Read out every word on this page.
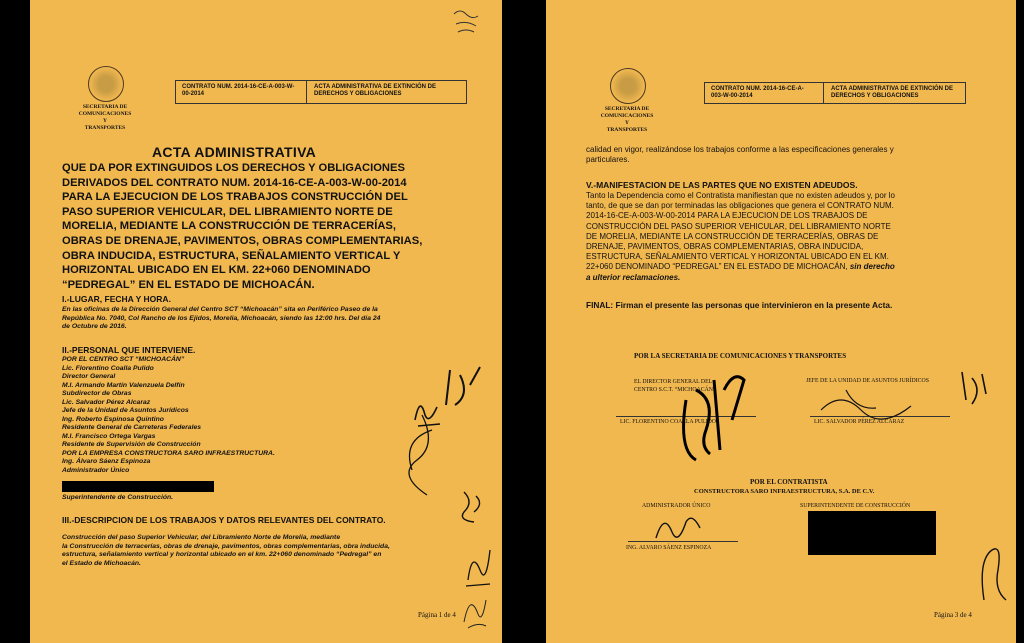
SECRETARIA DE COMUNICACIONES
Y
TRANSPORTES
CONTRATO NUM. 2014-16-CE-A-003-W-00-2014
ACTA ADMINISTRATIVA DE EXTINCIÓN DE DERECHOS Y OBLIGACIONES
ACTA ADMINISTRATIVA
QUE DA POR EXTINGUIDOS LOS DERECHOS Y OBLIGACIONES
DERIVADOS DEL CONTRATO NUM. 2014-16-CE-A-003-W-00-2014
PARA LA EJECUCION DE LOS TRABAJOS CONSTRUCCIÓN DEL
PASO SUPERIOR VEHICULAR, DEL LIBRAMIENTO NORTE DE
MORELIA, MEDIANTE LA CONSTRUCCIÓN DE TERRACERÍAS,
OBRAS DE DRENAJE, PAVIMENTOS, OBRAS COMPLEMENTARIAS,
OBRA INDUCIDA, ESTRUCTURA, SEÑALAMIENTO VERTICAL Y
HORIZONTAL UBICADO EN EL KM. 22+060 DENOMINADO
“PEDREGAL” EN EL ESTADO DE MICHOACÁN.
I.-LUGAR, FECHA Y HORA.
En las oficinas de la Dirección General del Centro SCT “Michoacán” sita en Periférico Paseo de la
República No. 7040, Col Rancho de los Ejidos, Morelia, Michoacán, siendo las 12:00 hrs. Del día 24
de Octubre de 2016.
II.-PERSONAL QUE INTERVIENE.
POR EL CENTRO SCT “MICHOACÁN”
Lic. Florentino Coalla Pulido
Director General
M.I. Armando Martín Valenzuela Delfín
Subdirector de Obras
Lic. Salvador Pérez Alcaraz
Jefe de la Unidad de Asuntos Jurídicos
Ing. Roberto Espinosa Quintino
Residente General de Carreteras Federales
M.I. Francisco Ortega Vargas
Residente de Supervisión de Construcción
POR LA EMPRESA CONSTRUCTORA SARO INFRAESTRUCTURA.
Ing. Álvaro Sáenz Espinoza
Administrador Único
Superintendente de Construcción.
III.-DESCRIPCION DE LOS TRABAJOS Y DATOS RELEVANTES DEL CONTRATO.
Construcción del paso Superior Vehicular, del Libramiento Norte de Morelia, mediante
la Construcción de terracerías, obras de drenaje, pavimentos, obras complementarias, obra inducida,
estructura, señalamiento vertical y horizontal ubicado en el km. 22+060 denominado “Pedregal” en
el Estado de Michoacán.
Página 1 de 4
SECRETARIA DE COMUNICACIONES
Y
TRANSPORTES
CONTRATO NUM. 2014-16-CE-A-003-W-00-2014
ACTA ADMINISTRATIVA DE EXTINCIÓN DE DERECHOS Y OBLIGACIONES
calidad en vigor, realizándose los trabajos conforme a las especificaciones generales y
particulares.
V.-MANIFESTACION DE LAS PARTES QUE NO EXISTEN ADEUDOS.
Tanto la Dependencia como el Contratista manifiestan que no existen adeudos y, por lo
tanto, de que se dan por terminadas las obligaciones que genera el CONTRATO NUM.
2014-16-CE-A-003-W-00-2014 PARA LA EJECUCION DE LOS TRABAJOS DE
CONSTRUCCIÓN DEL PASO SUPERIOR VEHICULAR, DEL LIBRAMIENTO NORTE
DE MORELIA, MEDIANTE LA CONSTRUCCIÓN DE TERRACERÍAS, OBRAS DE
DRENAJE, PAVIMENTOS, OBRAS COMPLEMENTARIAS, OBRA INDUCIDA,
ESTRUCTURA, SEÑALAMIENTO VERTICAL Y HORIZONTAL UBICADO EN EL KM.
22+060 DENOMINADO “PEDREGAL” EN EL ESTADO DE MICHOACÁN, sin derecho
a ulterior reclamaciones.
FINAL: Firman el presente las personas que intervinieron en la presente Acta.
POR LA SECRETARIA DE COMUNICACIONES Y TRANSPORTES
EL DIRECTOR GENERAL DEL
CENTRO S.C.T. “MICHOACÁN”
JEFE DE LA UNIDAD DE ASUNTOS JURÍDICOS
LIC. FLORENTINO COALLA PULIDO	LIC. SALVADOR PÉREZ ALCARAZ
POR EL CONTRATISTA
CONSTRUCTORA SARO INFRAESTRUCTURA, S.A. DE C.V.
ADMINISTRADOR ÚNICO	SUPERINTENDENTE DE CONSTRUCCIÓN
ING. ALVARO SÁENZ ESPINOZA
Página 3 de 4
